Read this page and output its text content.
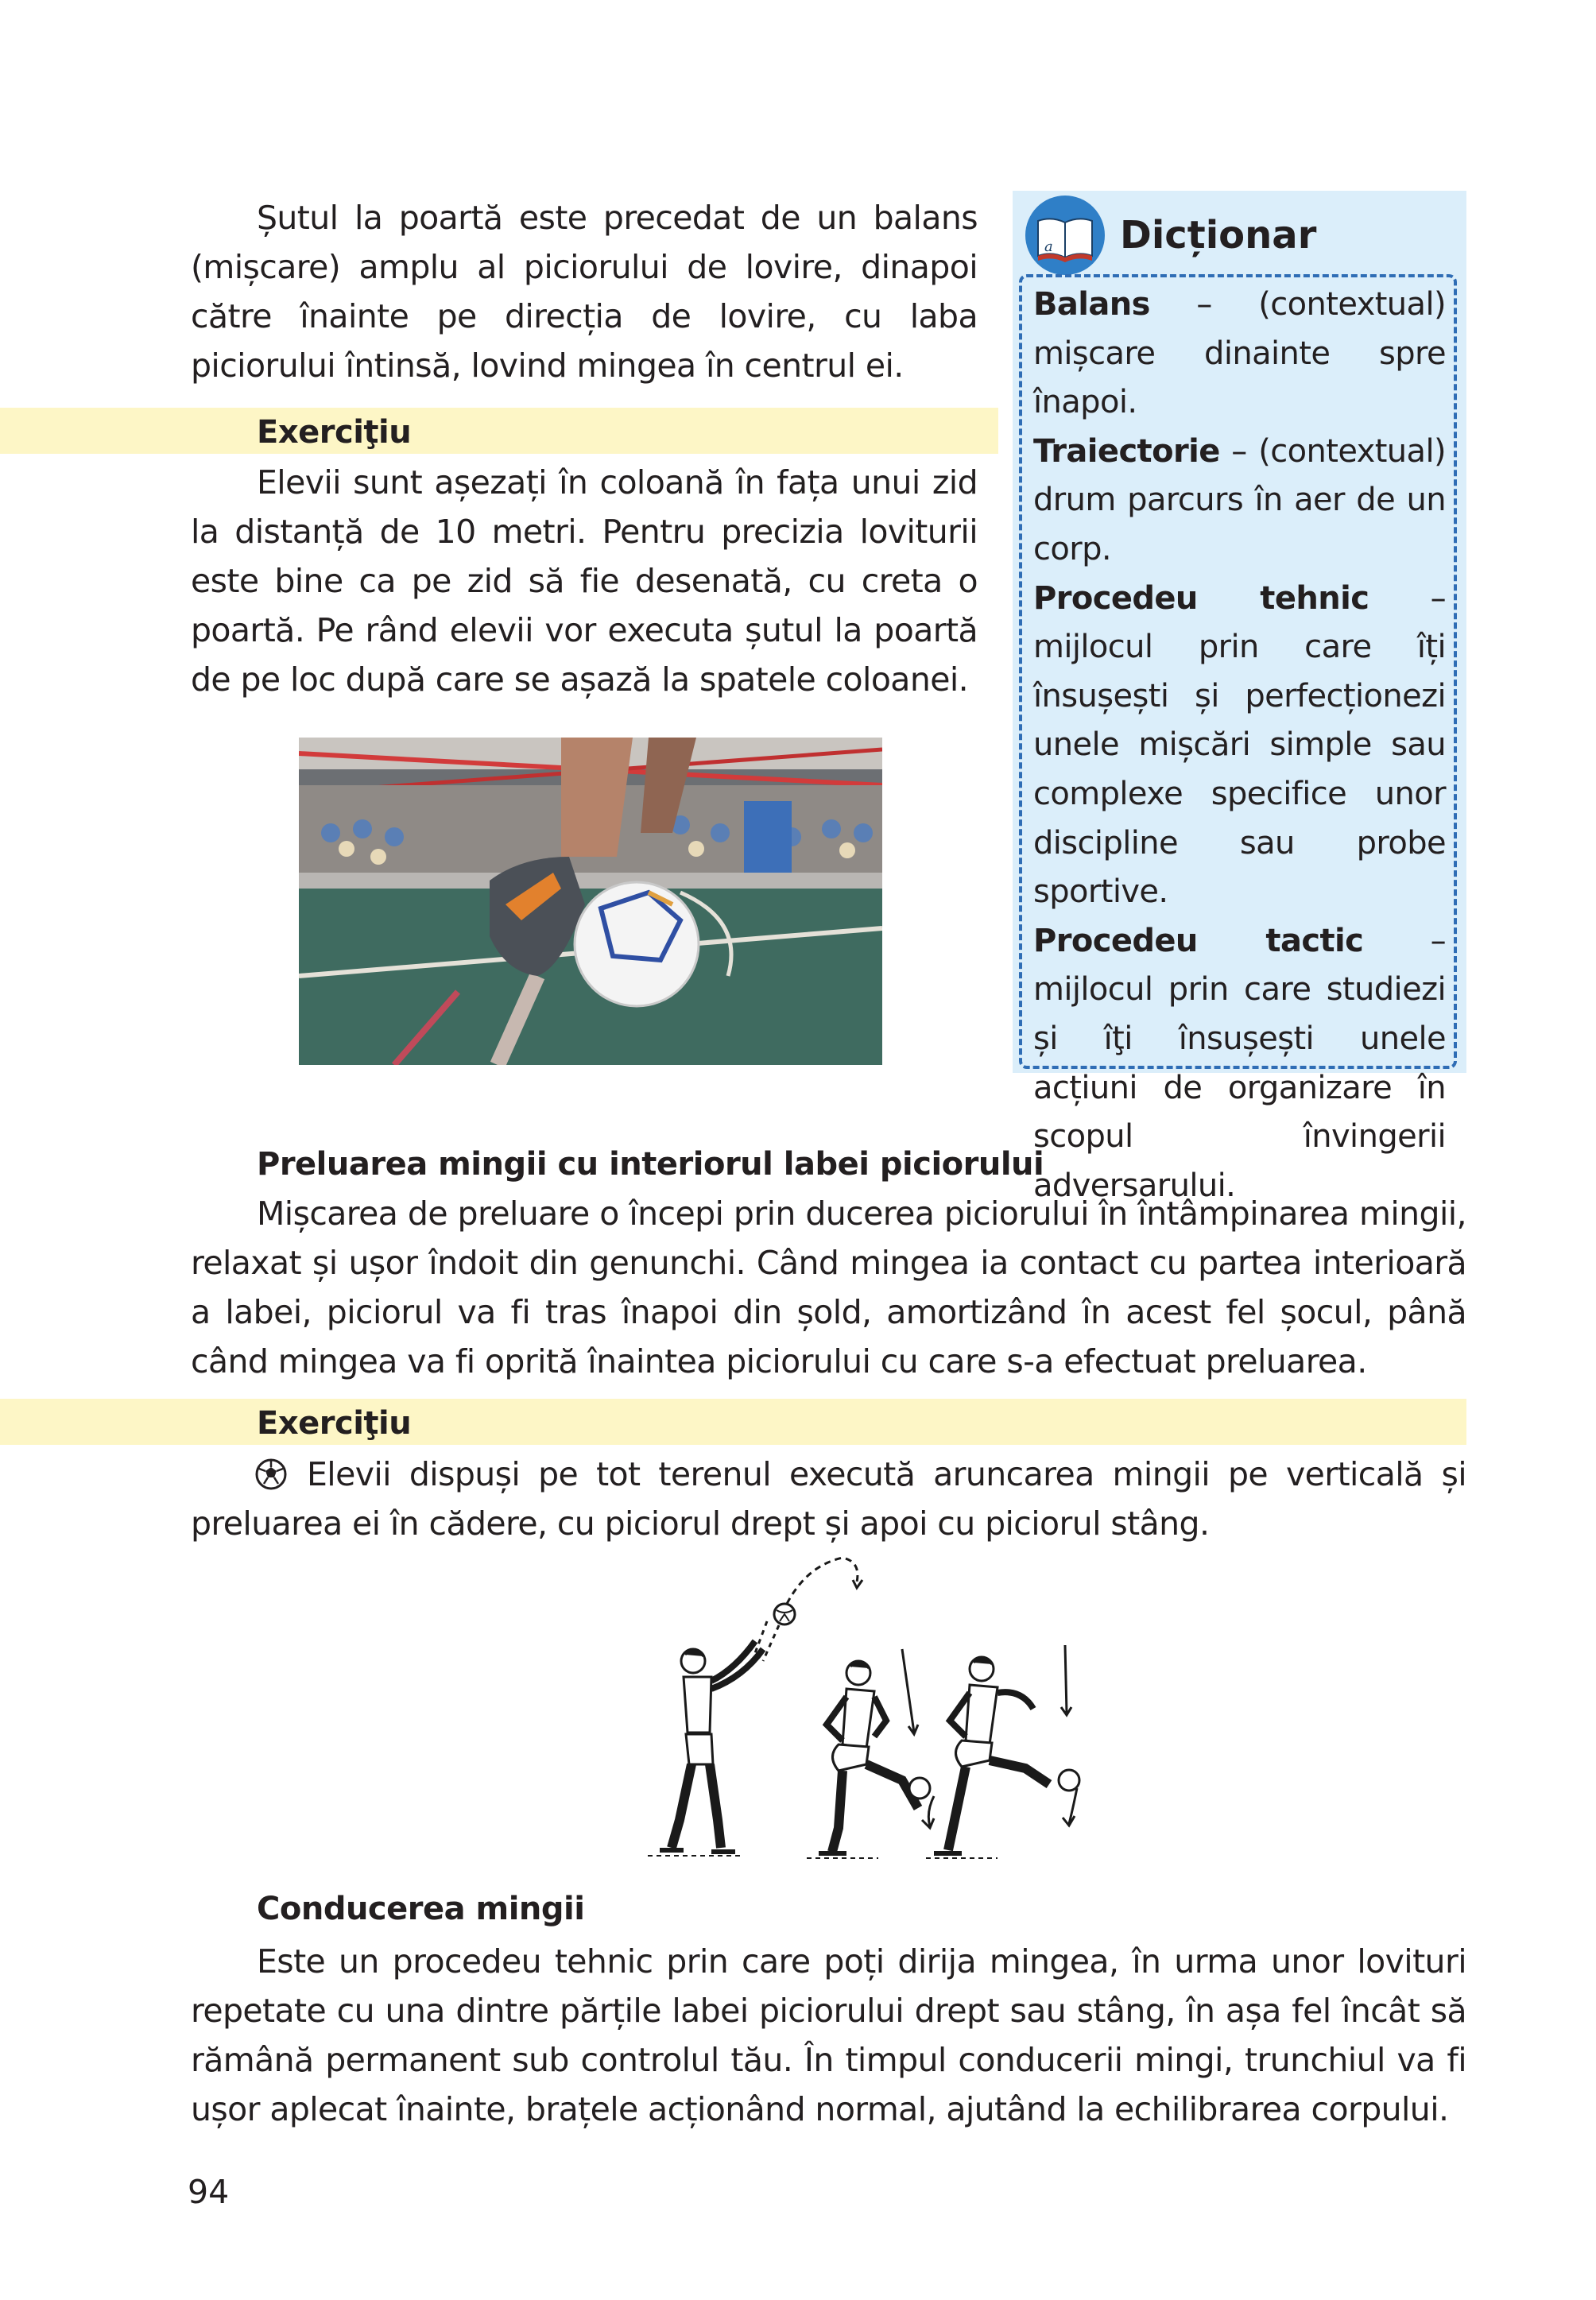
Șutul la poartă este precedat de un balans (mișcare) amplu al piciorului de lovire, dinapoi către înainte pe direcția de lovire, cu laba piciorului întinsă, lovind mingea în centrul ei.

Exerciţiu

Elevii sunt așezați în coloană în fața unui zid la distanță de 10 metri. Pentru precizia loviturii este bine ca pe zid să fie desenată, cu creta o poartă. Pe rând elevii vor executa șutul la poartă de pe loc după care se așază la spatele coloanei.

a Dicționar

Balans – (contextual) mișcare dinainte spre înapoi.

Traiectorie – (contextual) drum parcurs în aer de un corp.

Procedeu tehnic – mijlocul prin care îți însușești și perfecționezi unele mișcări simple sau complexe specifice unor discipline sau probe sportive.

Procedeu tactic – mijlocul prin care studiezi și îţi însușești unele acțiuni de organizare în scopul învingerii adversarului.

Preluarea mingii cu interiorul labei piciorului

Mișcarea de preluare o începi prin ducerea piciorului în întâmpinarea mingii, relaxat și ușor îndoit din genunchi. Când mingea ia contact cu partea interioară a labei, piciorul va fi tras înapoi din șold, amortizând în acest fel șocul, până când mingea va fi oprită înaintea piciorului cu care s-a efectuat preluarea.

Exerciţiu

Elevii dispuși pe tot terenul execută aruncarea mingii pe verticală și preluarea ei în cădere, cu piciorul drept și apoi cu piciorul stâng.

Conducerea mingii

Este un procedeu tehnic prin care poți dirija mingea, în urma unor lovituri repetate cu una dintre părțile labei piciorului drept sau stâng, în așa fel încât să rămână permanent sub controlul tău. În timpul conducerii mingi, trunchiul va fi ușor aplecat înainte, brațele acționând normal, ajutând la echilibrarea corpului.

94
